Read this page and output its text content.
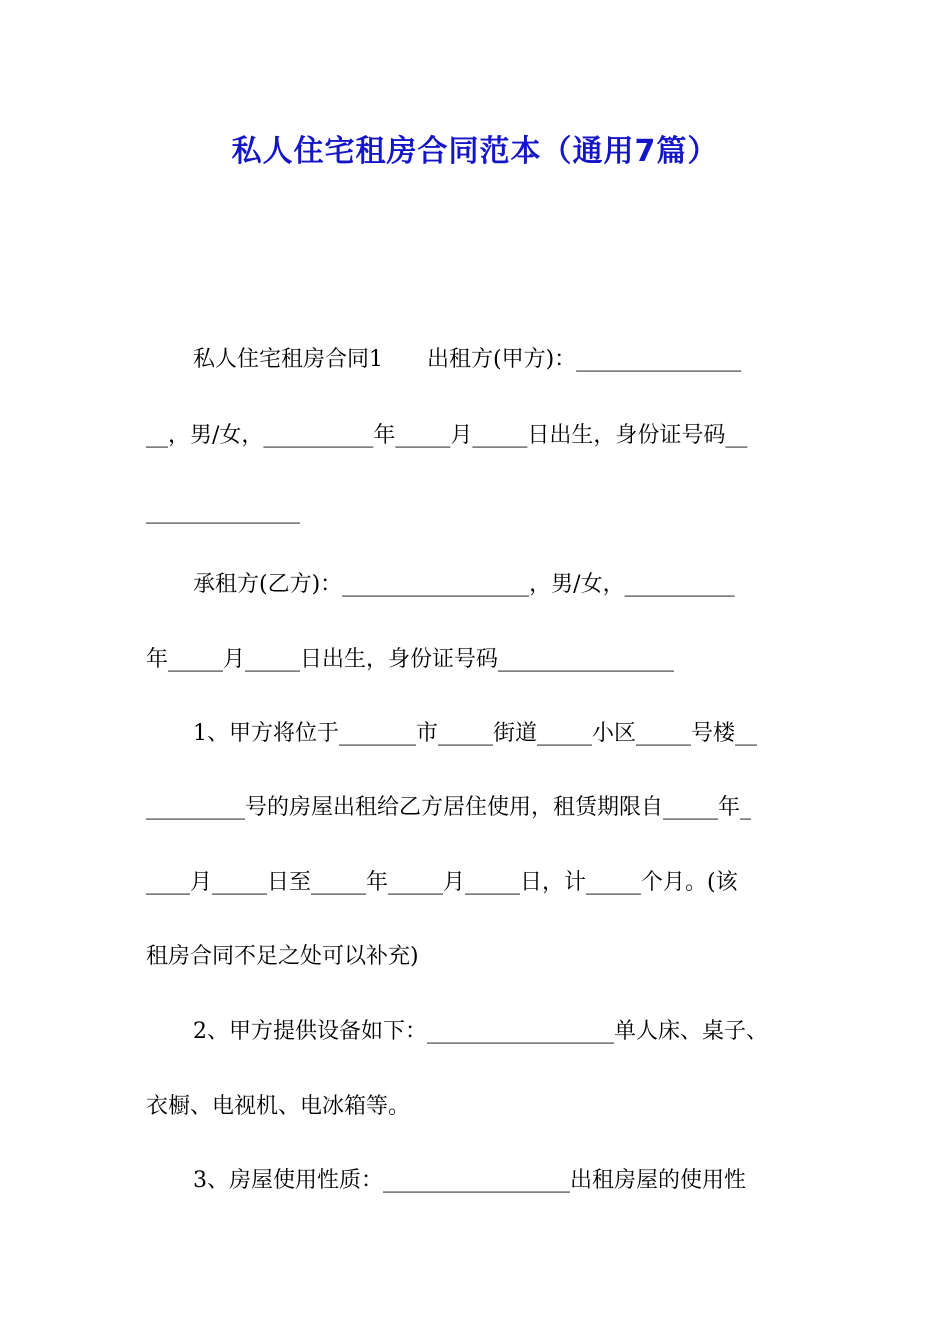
私人住宅租房合同范本（通用7篇）

私人住宅租房合同1　　出租方(甲方)：_______________

__，男/女，__________年_____月_____日出生，身份证号码__

______________

承租方(乙方)：_________________，男/女，__________

年_____月_____日出生，身份证号码________________

1、甲方将位于_______市_____街道_____小区_____号楼__

_________号的房屋出租给乙方居住使用，租赁期限自_____年_

____月_____日至_____年_____月_____日，计_____个月。(该

租房合同不足之处可以补充)

2、甲方提供设备如下：_________________单人床、桌子、

衣橱、电视机、电冰箱等。

3、房屋使用性质：_________________出租房屋的使用性
